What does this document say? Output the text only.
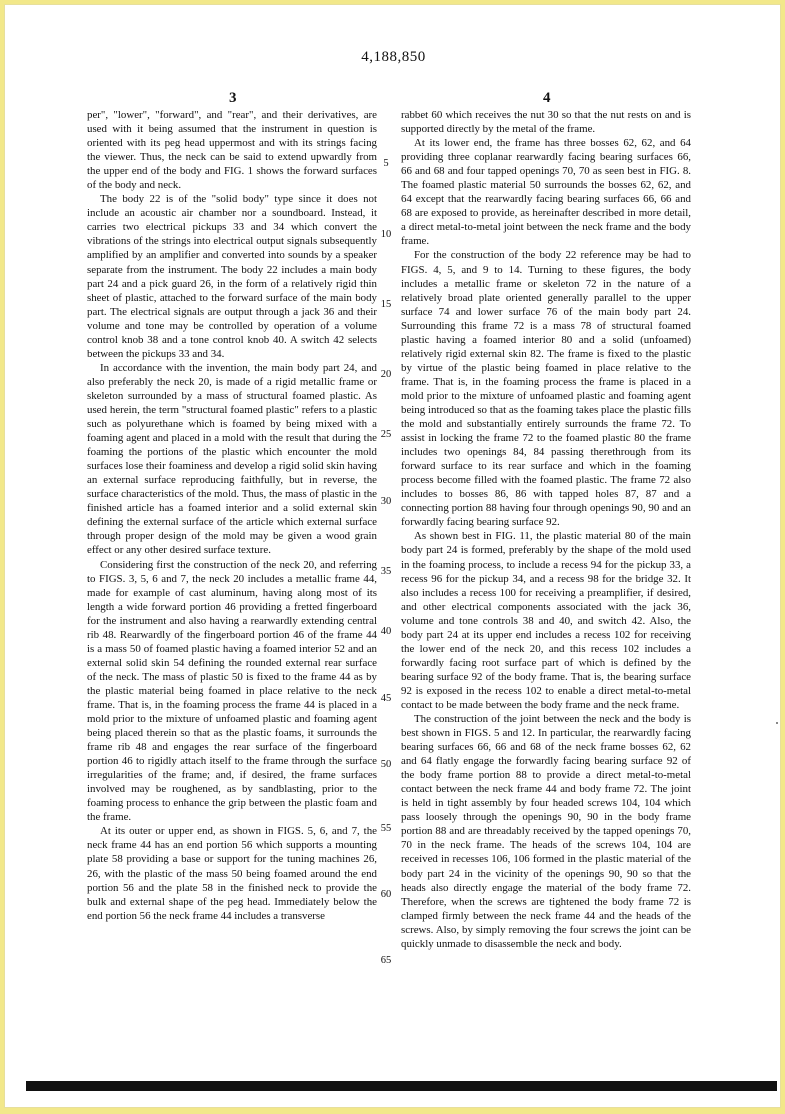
4,188,850
3	4

per", "lower", "forward", and "rear", and their derivatives, are used with it being assumed that the instrument in question is oriented with its peg head uppermost and with its strings facing the viewer. Thus, the neck can be said to extend upwardly from the upper end of the body and FIG. 1 shows the forward surfaces of the body and neck.

The body 22 is of the "solid body" type since it does not include an acoustic air chamber nor a soundboard. Instead, it carries two electrical pickups 33 and 34 which convert the vibrations of the strings into electrical output signals subsequently amplified by an amplifier and converted into sounds by a speaker separate from the instrument. The body 22 includes a main body part 24 and a pick guard 26, in the form of a relatively rigid thin sheet of plastic, attached to the forward surface of the main body part. The electrical signals are output through a jack 36 and their volume and tone may be controlled by operation of a volume control knob 38 and a tone control knob 40. A switch 42 selects between the pickups 33 and 34.

In accordance with the invention, the main body part 24, and also preferably the neck 20, is made of a rigid metallic frame or skeleton surrounded by a mass of structural foamed plastic. As used herein, the term "structural foamed plastic" refers to a plastic such as polyurethane which is foamed by being mixed with a foaming agent and placed in a mold with the result that during the foaming the portions of the plastic which encounter the mold surfaces lose their foaminess and develop a rigid solid skin having an external surface reproducing faithfully, but in reverse, the surface characteristics of the mold. Thus, the mass of plastic in the finished article has a foamed interior and a solid external skin defining the external surface of the article which external surface through proper design of the mold may be given a wood grain effect or any other desired surface texture.

Considering first the construction of the neck 20, and referring to FIGS. 3, 5, 6 and 7, the neck 20 includes a metallic frame 44, made for example of cast aluminum, having along most of its length a wide forward portion 46 providing a fretted fingerboard for the instrument and also having a rearwardly extending central rib 48. Rearwardly of the fingerboard portion 46 of the frame 44 is a mass 50 of foamed plastic having a foamed interior 52 and an external solid skin 54 defining the rounded external rear surface of the neck. The mass of plastic 50 is fixed to the frame 44 as by the plastic material being foamed in place relative to the neck frame. That is, in the foaming process the frame 44 is placed in a mold prior to the mixture of unfoamed plastic and foaming agent being placed therein so that as the plastic foams, it surrounds the frame rib 48 and engages the rear surface of the fingerboard portion 46 to rigidly attach itself to the frame through the surface irregularities of the frame; and, if desired, the frame surfaces involved may be roughened, as by sandblasting, prior to the foaming process to enhance the grip between the plastic foam and the frame.

At its outer or upper end, as shown in FIGS. 5, 6, and 7, the neck frame 44 has an end portion 56 which supports a mounting plate 58 providing a base or support for the tuning machines 26, 26, with the plastic of the mass 50 being foamed around the end portion 56 and the plate 58 in the finished neck to provide the bulk and external shape of the peg head. Immediately below the end portion 56 the neck frame 44 includes a transverse

rabbet 60 which receives the nut 30 so that the nut rests on and is supported directly by the metal of the frame.

At its lower end, the frame has three bosses 62, 62, and 64 providing three coplanar rearwardly facing bearing surfaces 66, 66 and 68 and four tapped openings 70, 70 as seen best in FIG. 8. The foamed plastic material 50 surrounds the bosses 62, 62, and 64 except that the rearwardly facing bearing surfaces 66, 66 and 68 are exposed to provide, as hereinafter described in more detail, a direct metal-to-metal joint between the neck frame and the body frame.

For the construction of the body 22 reference may be had to FIGS. 4, 5, and 9 to 14. Turning to these figures, the body includes a metallic frame or skeleton 72 in the nature of a relatively broad plate oriented generally parallel to the upper surface 74 and lower surface 76 of the main body part 24. Surrounding this frame 72 is a mass 78 of structural foamed plastic having a foamed interior 80 and a solid (unfoamed) relatively rigid external skin 82. The frame is fixed to the plastic by virtue of the plastic being foamed in place relative to the frame. That is, in the foaming process the frame is placed in a mold prior to the mixture of unfoamed plastic and foaming agent being introduced so that as the foaming takes place the plastic fills the mold and substantially entirely surrounds the frame 72. To assist in locking the frame 72 to the foamed plastic 80 the frame includes two openings 84, 84 passing therethrough from its forward surface to its rear surface and which in the foaming process become filled with the foamed plastic. The frame 72 also includes to bosses 86, 86 with tapped holes 87, 87 and a connecting portion 88 having four through openings 90, 90 and an forwardly facing bearing surface 92.

As shown best in FIG. 11, the plastic material 80 of the main body part 24 is formed, preferably by the shape of the mold used in the foaming process, to include a recess 94 for the pickup 33, a recess 96 for the pickup 34, and a recess 98 for the bridge 32. It also includes a recess 100 for receiving a preamplifier, if desired, and other electrical components associated with the jack 36, volume and tone controls 38 and 40, and switch 42. Also, the body part 24 at its upper end includes a recess 102 for receiving the lower end of the neck 20, and this recess 102 includes a forwardly facing root surface part of which is defined by the bearing surface 92 of the body frame. That is, the bearing surface 92 is exposed in the recess 102 to enable a direct metal-to-metal contact to be made between the body frame and the neck frame.

The construction of the joint between the neck and the body is best shown in FIGS. 5 and 12. In particular, the rearwardly facing bearing surfaces 66, 66 and 68 of the neck frame bosses 62, 62 and 64 flatly engage the forwardly facing bearing surface 92 of the body frame portion 88 to provide a direct metal-to-metal contact between the neck frame 44 and body frame 72. The joint is held in tight assembly by four headed screws 104, 104 which pass loosely through the openings 90, 90 in the body frame portion 88 and are threadably received by the tapped openings 70, 70 in the neck frame. The heads of the screws 104, 104 are received in recesses 106, 106 formed in the plastic material of the body part 24 in the vicinity of the openings 90, 90 so that the heads also directly engage the material of the body frame 72. Therefore, when the screws are tightened the body frame 72 is clamped firmly between the neck frame 44 and the heads of the screws. Also, by simply removing the four screws the joint can be quickly unmade to disassemble the neck and body.

5
10
15
20
25
30
35
40
45
50
55
60
65
